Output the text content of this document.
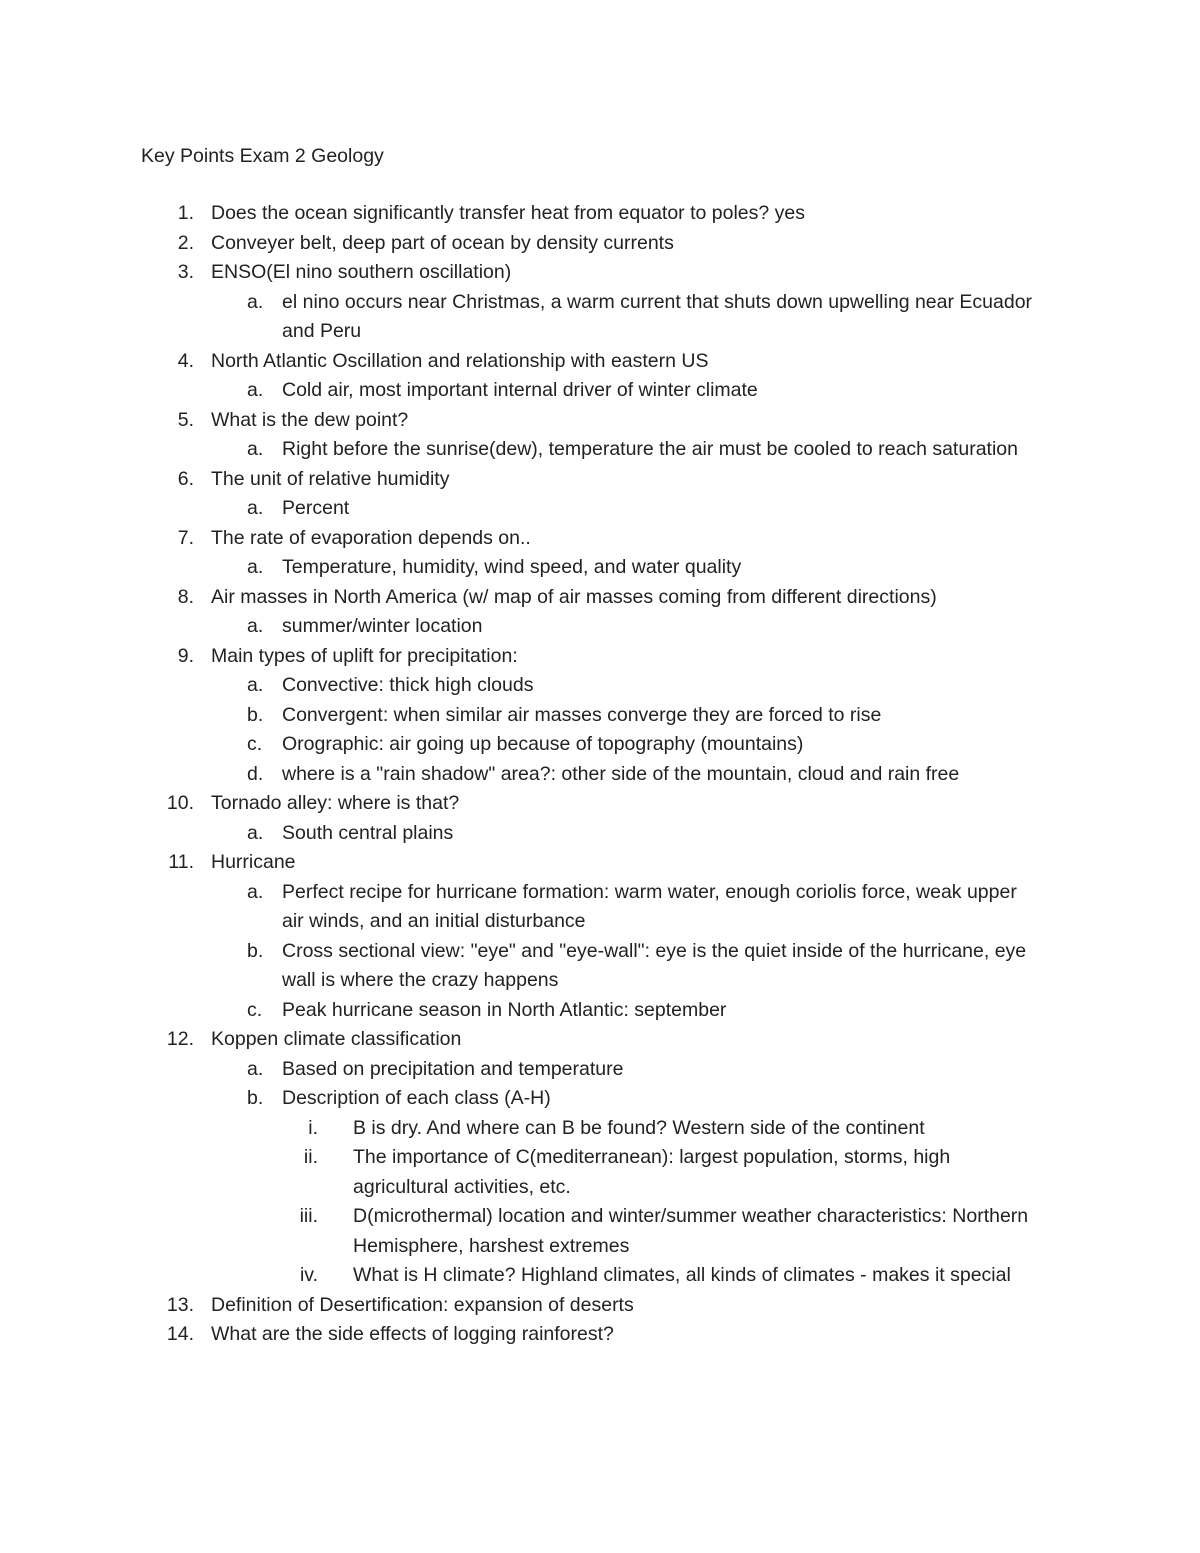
Key Points Exam 2 Geology
1. Does the ocean significantly transfer heat from equator to poles? yes
2. Conveyer belt, deep part of ocean by density currents
3. ENSO(El nino southern oscillation)
a. el nino occurs near Christmas, a warm current that shuts down upwelling near Ecuador and Peru
4. North Atlantic Oscillation and relationship with eastern US
a. Cold air, most important internal driver of winter climate
5. What is the dew point?
a. Right before the sunrise(dew), temperature the air must be cooled to reach saturation
6. The unit of relative humidity
a. Percent
7. The rate of evaporation depends on..
a. Temperature, humidity, wind speed, and water quality
8. Air masses in North America (w/ map of air masses coming from different directions)
a. summer/winter location
9. Main types of uplift for precipitation:
a. Convective: thick high clouds
b. Convergent: when similar air masses converge they are forced to rise
c. Orographic: air going up because of topography (mountains)
d. where is a "rain shadow" area?: other side of the mountain, cloud and rain free
10. Tornado alley: where is that?
a. South central plains
11. Hurricane
a. Perfect recipe for hurricane formation: warm water, enough coriolis force, weak upper air winds, and an initial disturbance
b. Cross sectional view: "eye" and "eye-wall": eye is the quiet inside of the hurricane, eye wall is where the crazy happens
c. Peak hurricane season in North Atlantic: september
12. Koppen climate classification
a. Based on precipitation and temperature
b. Description of each class (A-H)
i. B is dry. And where can B be found? Western side of the continent
ii. The importance of C(mediterranean): largest population, storms, high agricultural activities, etc.
iii. D(microthermal) location and winter/summer weather characteristics: Northern Hemisphere, harshest extremes
iv. What is H climate? Highland climates, all kinds of climates - makes it special
13. Definition of Desertification: expansion of deserts
14. What are the side effects of logging rainforest?
